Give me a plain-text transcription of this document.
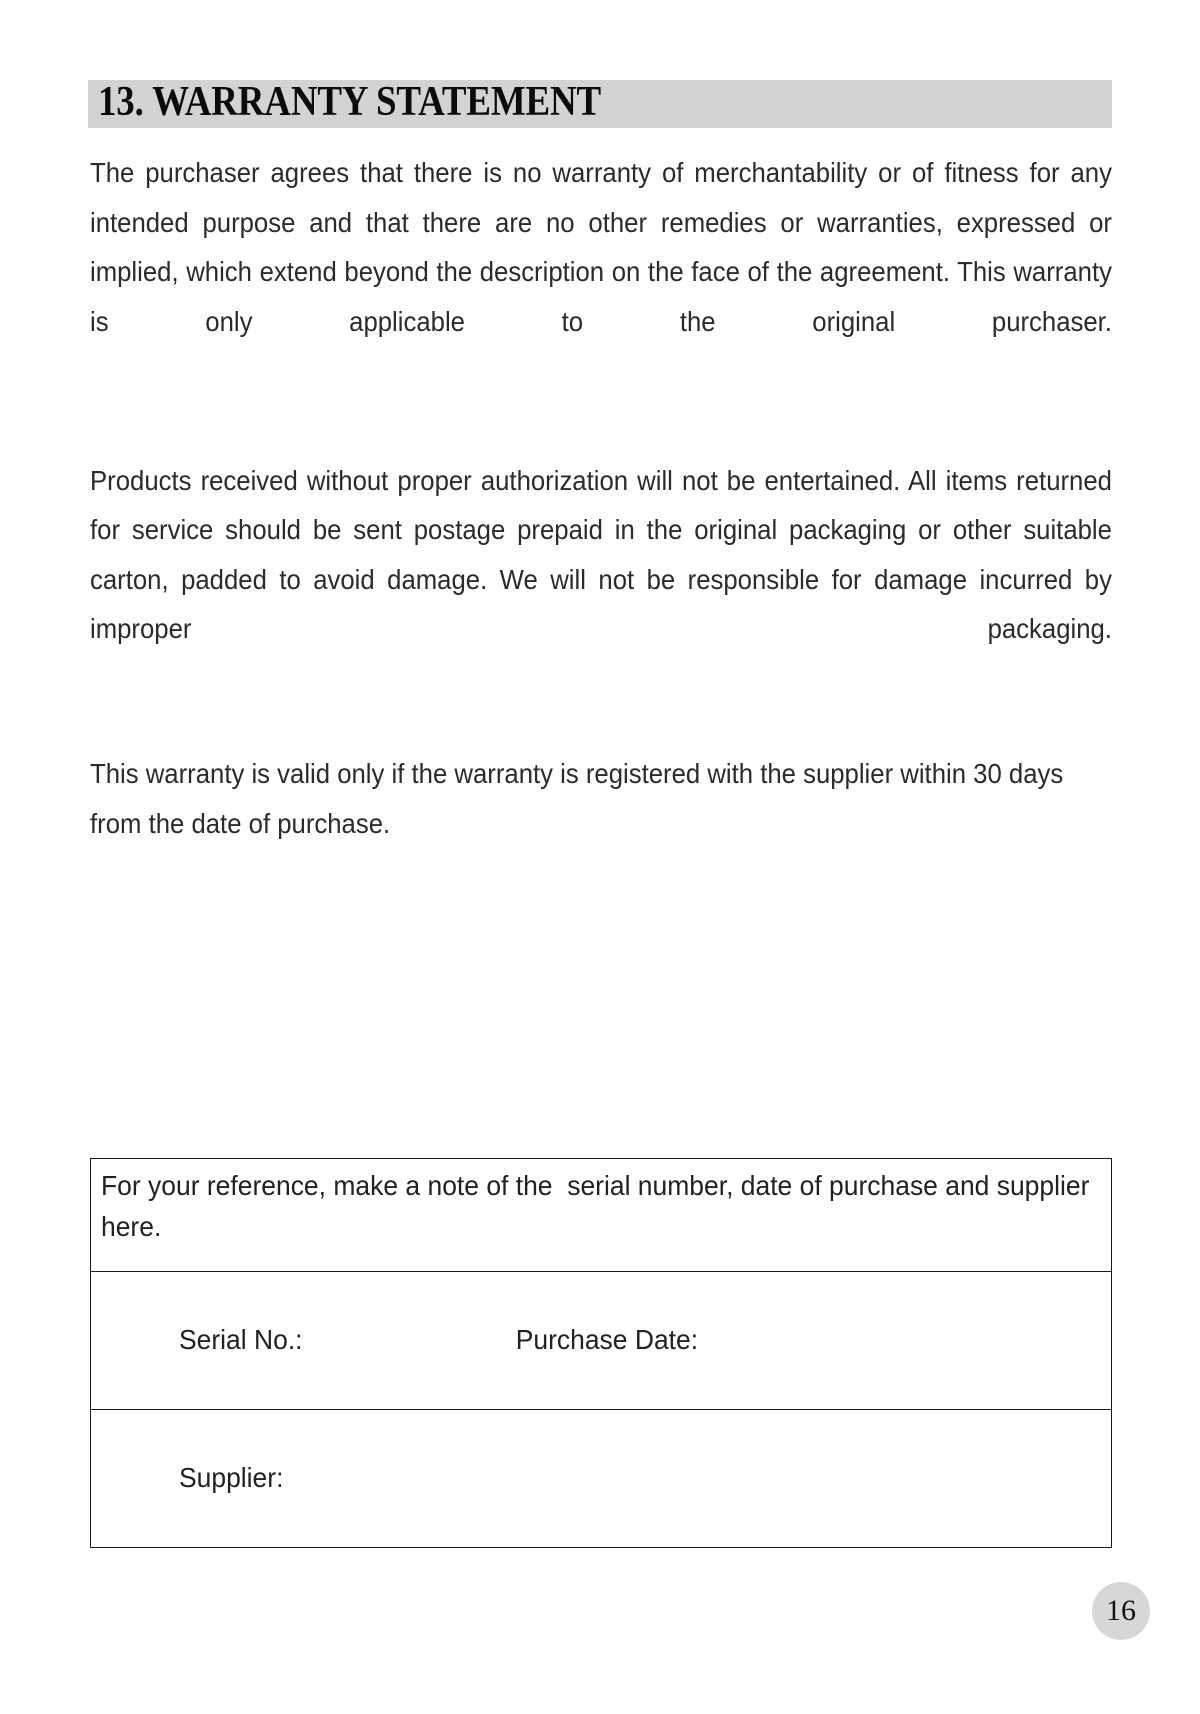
13. WARRANTY STATEMENT

The purchaser agrees that there is no warranty of merchantability or of fitness for any intended purpose and that there are no other remedies or warranties, expressed or implied, which extend beyond the description on the face of the agreement. This warranty is only applicable to the original purchaser.

Products received without proper authorization will not be entertained. All items returned for service should be sent postage prepaid in the original packaging or other suitable carton, padded to avoid damage. We will not be responsible for damage incurred by improper packaging.

This warranty is valid only if the warranty is registered with the supplier within 30 days from the date of purchase.

For your reference, make a note of the  serial number, date of purchase and supplier here.

Serial No.:                             Purchase Date:

Supplier:

16
